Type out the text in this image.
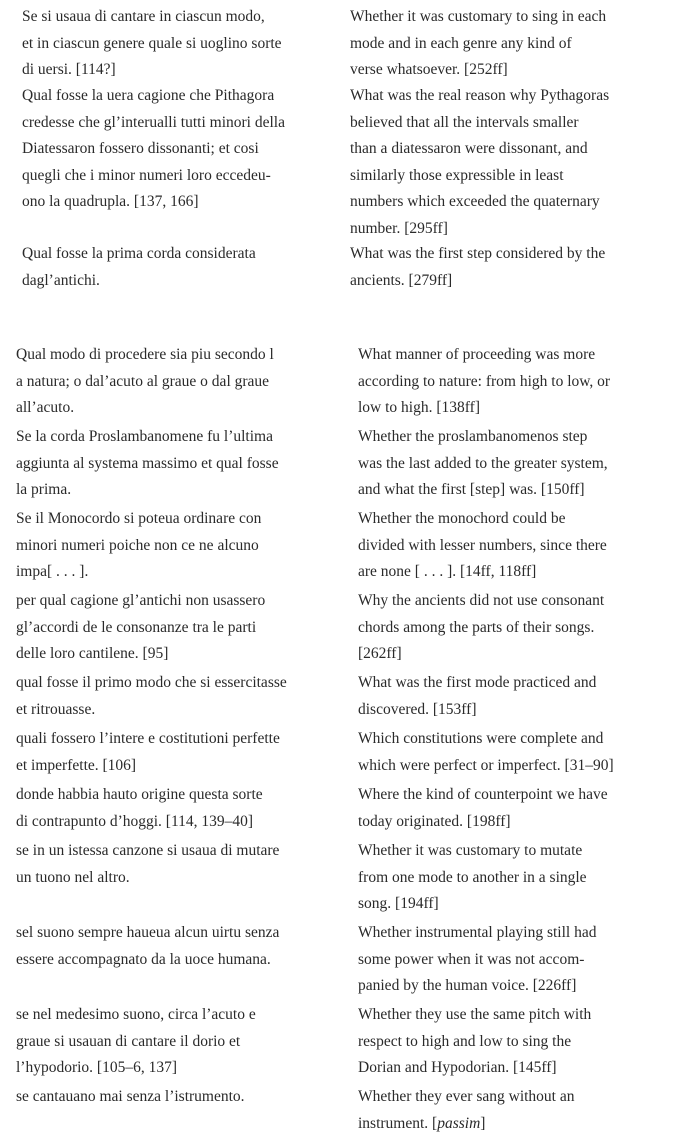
Se si usaua di cantare in ciascun modo,
et in ciascun genere quale si uoglino sorte
di uersi. [114?]
Whether it was customary to sing in each
mode and in each genre any kind of
verse whatsoever. [252ff]
Qual fosse la uera cagione che Pithagora
credesse che gl’interualli tutti minori della
Diatessaron fossero dissonanti; et cosi
quegli che i minor numeri loro eccedeu-
ono la quadrupla. [137, 166]
What was the real reason why Pythagoras
believed that all the intervals smaller
than a diatessaron were dissonant, and
similarly those expressible in least
numbers which exceeded the quaternary
number. [295ff]
Qual fosse la prima corda considerata
dagl’antichi.
What was the first step considered by the
ancients. [279ff]
Qual modo di procedere sia piu secondo l
a natura; o dal’acuto al graue o dal graue
all’acuto.
What manner of proceeding was more
according to nature: from high to low, or
low to high. [138ff]
Se la corda Proslambanomene fu l’ultima
aggiunta al systema massimo et qual fosse
la prima.
Whether the proslambanomenos step
was the last added to the greater system,
and what the first [step] was. [150ff]
Se il Monocordo si poteua ordinare con
minori numeri poiche non ce ne alcuno
impa[ . . . ].
Whether the monochord could be
divided with lesser numbers, since there
are none [ . . . ]. [14ff, 118ff]
per qual cagione gl’antichi non usassero
gl’accordi de le consonanze tra le parti
delle loro cantilene. [95]
Why the ancients did not use consonant
chords among the parts of their songs.
[262ff]
qual fosse il primo modo che si essercitasse
et ritrouasse.
What was the first mode practiced and
discovered. [153ff]
quali fossero l’intere e costitutioni perfette
et imperfette. [106]
Which constitutions were complete and
which were perfect or imperfect. [31–90]
donde habbia hauto origine questa sorte
di contrapunto d’hoggi. [114, 139–40]
Where the kind of counterpoint we have
today originated. [198ff]
se in un istessa canzone si usaua di mutare
un tuono nel altro.
Whether it was customary to mutate
from one mode to another in a single
song. [194ff]
sel suono sempre haueua alcun uirtu senza
essere accompagnato da la uoce humana.
Whether instrumental playing still had
some power when it was not accom-
panied by the human voice. [226ff]
se nel medesimo suono, circa l’acuto e
graue si usauan di cantare il dorio et
l’hypodorio. [105–6, 137]
Whether they use the same pitch with
respect to high and low to sing the
Dorian and Hypodorian. [145ff]
se cantauano mai senza l’istrumento.	Whether they ever sang without an
instrument. [passim]
